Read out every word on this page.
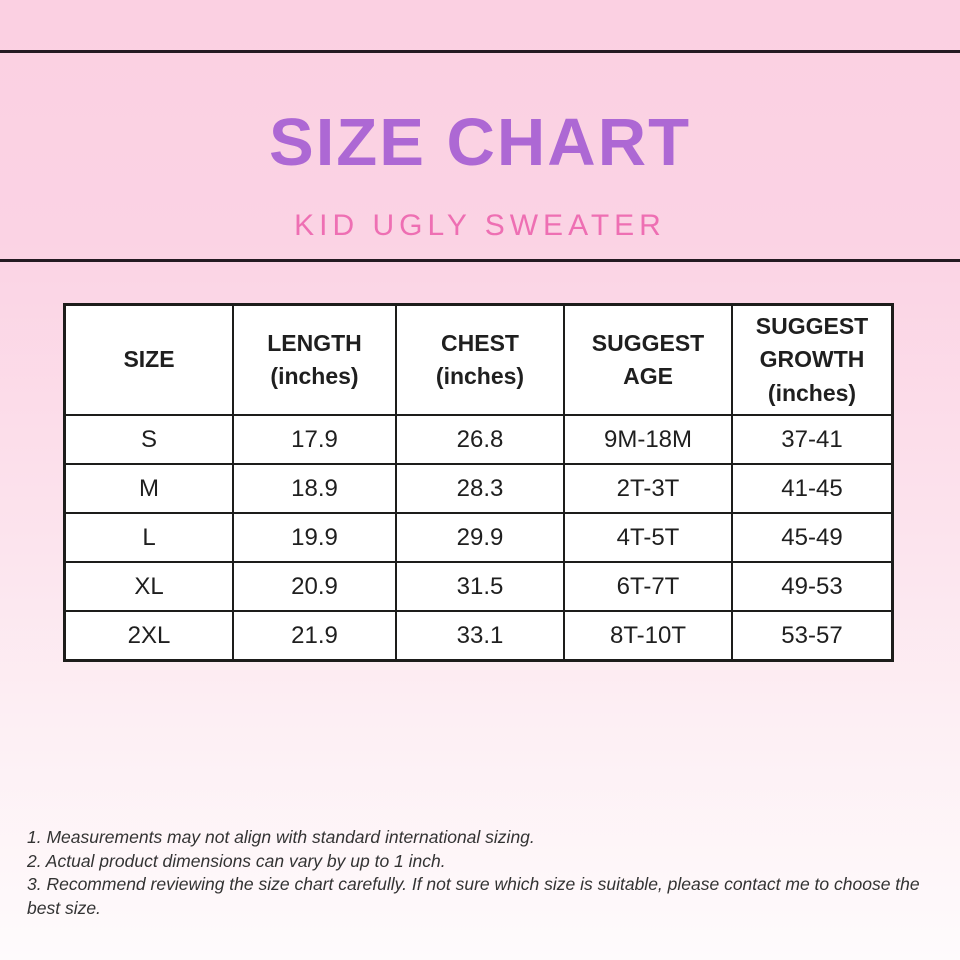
SIZE CHART
KID UGLY SWEATER
SIZE	LENGTH (inches)	CHEST (inches)	SUGGEST AGE	SUGGEST GROWTH (inches)
S	17.9	26.8	9M-18M	37-41
M	18.9	28.3	2T-3T	41-45
L	19.9	29.9	4T-5T	45-49
XL	20.9	31.5	6T-7T	49-53
2XL	21.9	33.1	8T-10T	53-57
1. Measurements may not align with standard international sizing.
2. Actual product dimensions can vary by up to 1 inch.
3. Recommend reviewing the size chart carefully. If not sure which size is suitable, please contact me to choose the best size.
